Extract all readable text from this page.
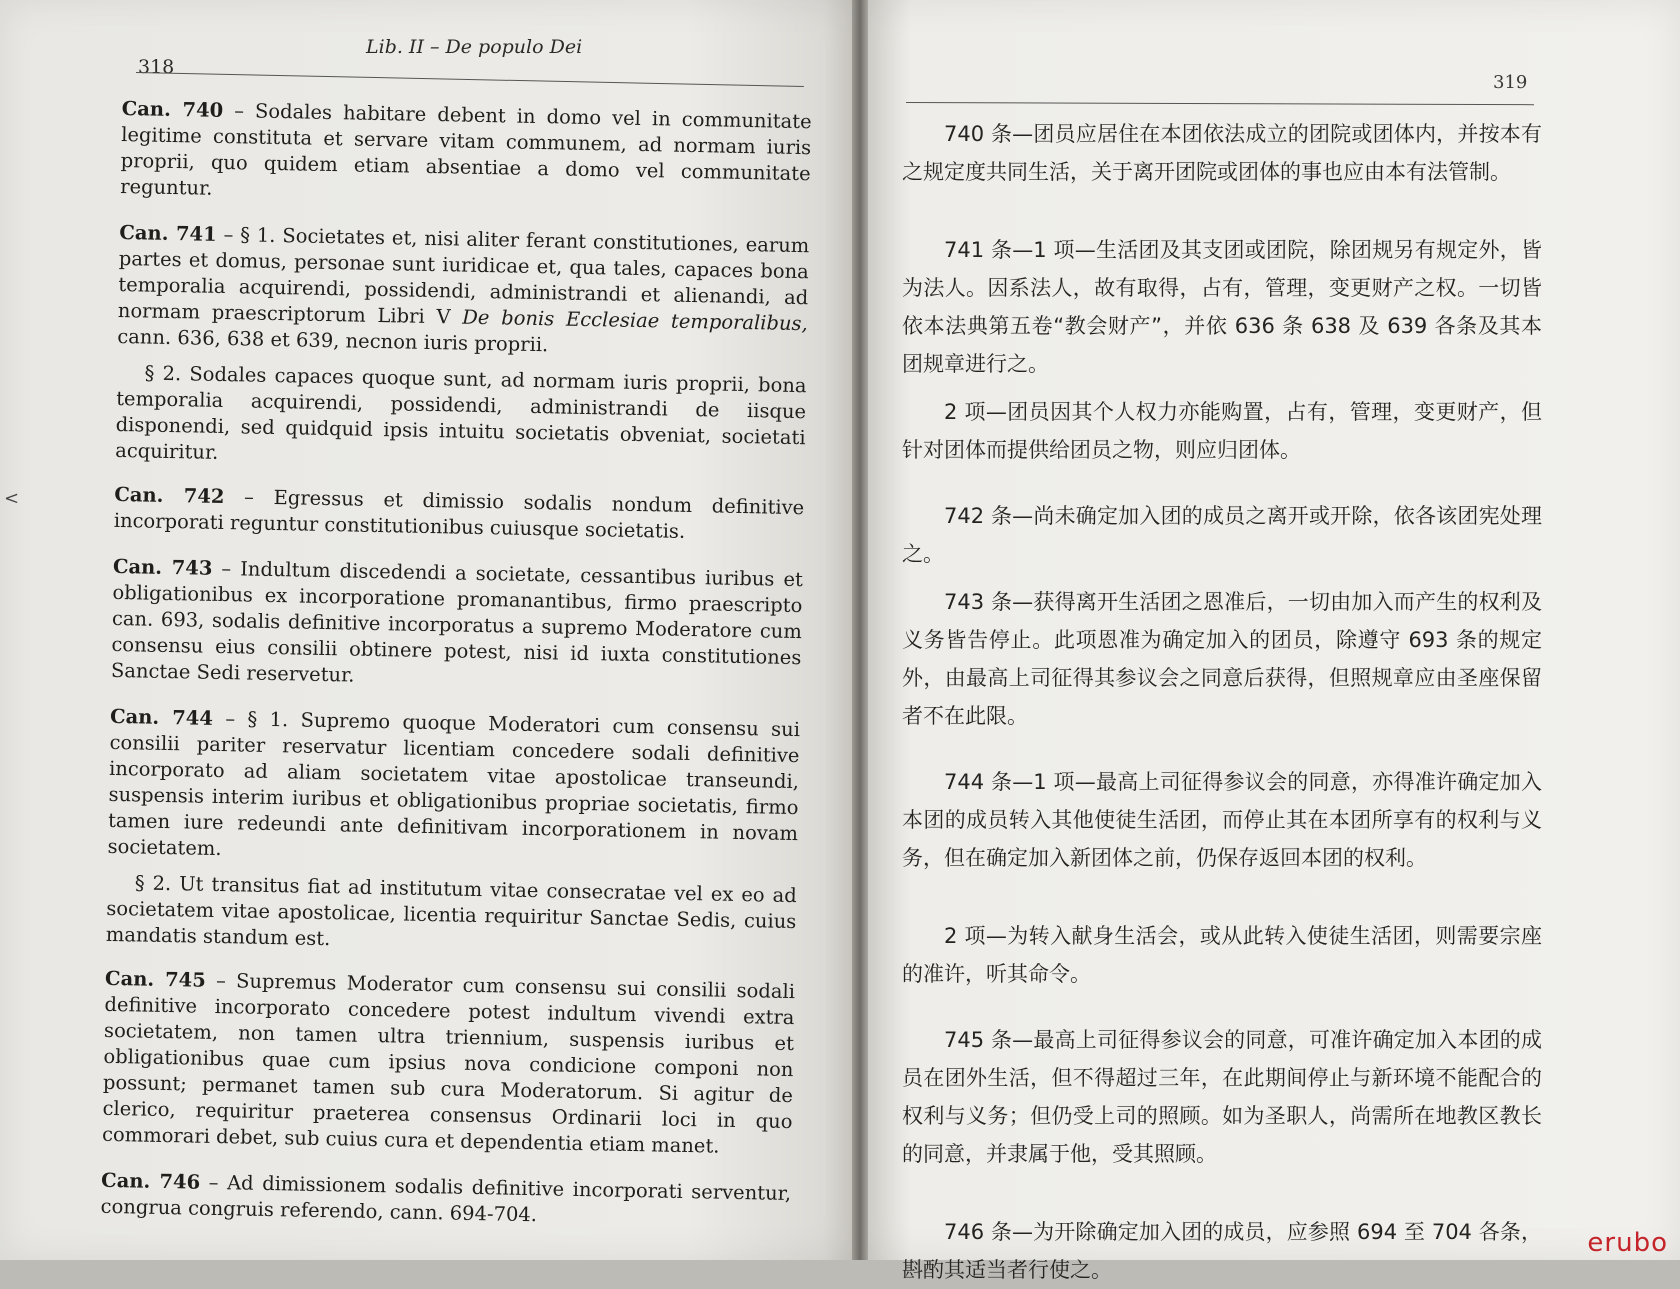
318
Lib. II – De populo Dei
Can. 740 – Sodales habitare debent in domo vel in communitate legitime constituta et servare vitam communem, ad normam iuris proprii, quo quidem etiam absentiae a domo vel communitate reguntur.
Can. 741 – § 1. Societates et, nisi aliter ferant constitutiones, earum partes et domus, personae sunt iuridicae et, qua tales, capaces bona temporalia acquirendi, possidendi, administrandi et alienandi, ad normam praescriptorum Libri V De bonis Ecclesiae temporalibus, cann. 636, 638 et 639, necnon iuris proprii.
§ 2. Sodales capaces quoque sunt, ad normam iuris proprii, bona temporalia acquirendi, possidendi, administrandi de iisque disponendi, sed quidquid ipsis intuitu societatis obveniat, societati acquiritur.
Can. 742 – Egressus et dimissio sodalis nondum definitive incorporati reguntur constitutionibus cuiusque societatis.
Can. 743 – Indultum discedendi a societate, cessantibus iuribus et obligationibus ex incorporatione promanantibus, firmo praescripto can. 693, sodalis definitive incorporatus a supremo Moderatore cum consensu eius consilii obtinere potest, nisi id iuxta constitutiones Sanctae Sedi reservetur.
Can. 744 – § 1. Supremo quoque Moderatori cum consensu sui consilii pariter reservatur licentiam concedere sodali definitive incorporato ad aliam societatem vitae apostolicae transeundi, suspensis interim iuribus et obligationibus propriae societatis, firmo tamen iure redeundi ante definitivam incorporationem in novam societatem.
§ 2. Ut transitus fiat ad institutum vitae consecratae vel ex eo ad societatem vitae apostolicae, licentia requiritur Sanctae Sedis, cuius mandatis standum est.
Can. 745 – Supremus Moderator cum consensu sui consilii sodali definitive incorporato concedere potest indultum vivendi extra societatem, non tamen ultra triennium, suspensis iuribus et obligationibus quae cum ipsius nova condicione componi non possunt; permanet tamen sub cura Moderatorum. Si agitur de clerico, requiritur praeterea consensus Ordinarii loci in quo commorari debet, sub cuius cura et dependentia etiam manet.
Can. 746 – Ad dimissionem sodalis definitive incorporati serventur, congrua congruis referendo, cann. 694-704.
<
319

740 条—团员应居住在本团依法成立的团院或团体内，并按本有之规定度共同生活，关于离开团院或团体的事也应由本有法管制。

741 条—1 项—生活团及其支团或团院，除团规另有规定外，皆为法人。因系法人，故有取得，占有，管理，变更财产之权。一切皆依本法典第五卷“教会财产”，并依 636 条 638 及 639 各条及其本团规章进行之。

2 项—团员因其个人权力亦能购置，占有，管理，变更财产，但针对团体而提供给团员之物，则应归团体。

742 条—尚未确定加入团的成员之离开或开除，依各该团宪处理之。

743 条—获得离开生活团之恩准后，一切由加入而产生的权利及义务皆告停止。此项恩准为确定加入的团员，除遵守 693 条的规定外，由最高上司征得其参议会之同意后获得，但照规章应由圣座保留者不在此限。

744 条—1 项—最高上司征得参议会的同意，亦得准许确定加入本团的成员转入其他使徒生活团，而停止其在本团所享有的权利与义务，但在确定加入新团体之前，仍保存返回本团的权利。

2 项—为转入献身生活会，或从此转入使徒生活团，则需要宗座的准许，听其命令。

745 条—最高上司征得参议会的同意，可准许确定加入本团的成员在团外生活，但不得超过三年，在此期间停止与新环境不能配合的权利与义务；但仍受上司的照顾。如为圣职人，尚需所在地教区教长的同意，并隶属于他，受其照顾。

746 条—为开除确定加入团的成员，应参照 694 至 704 各条，斟酌其适当者行使之。

erubo
